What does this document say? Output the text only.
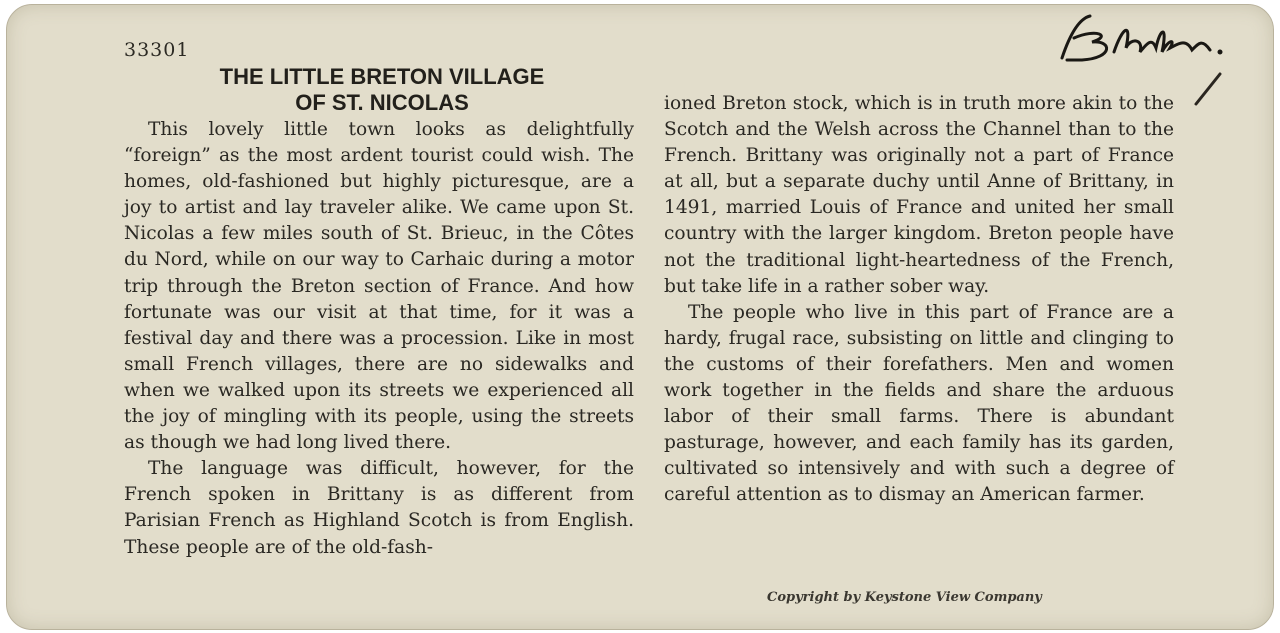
33301
THE LITTLE BRETON VILLAGE
OF ST. NICOLAS

This lovely little town looks as delightfully “foreign” as the most ardent tourist could wish. The homes, old-fashioned but highly picturesque, are a joy to artist and lay traveler alike. We came upon St. Nicolas a few miles south of St. Brieuc, in the Côtes du Nord, while on our way to Carhaic during a motor trip through the Breton section of France. And how fortunate was our visit at that time, for it was a festival day and there was a procession. Like in most small French villages, there are no sidewalks and when we walked upon its streets we experienced all the joy of mingling with its people, using the streets as though we had long lived there.

The language was difficult, however, for the French spoken in Brittany is as different from Parisian French as Highland Scotch is from English. These people are of the old-fash-

ioned Breton stock, which is in truth more akin to the Scotch and the Welsh across the Channel than to the French. Brittany was originally not a part of France at all, but a separate duchy until Anne of Brittany, in 1491, married Louis of France and united her small country with the larger kingdom. Breton people have not the traditional light-heartedness of the French, but take life in a rather sober way.

The people who live in this part of France are a hardy, frugal race, subsisting on little and clinging to the customs of their forefathers. Men and women work together in the fields and share the arduous labor of their small farms. There is abundant pasturage, however, and each family has its garden, cultivated so intensively and with such a degree of careful attention as to dismay an American farmer.

Copyright by Keystone View Company
